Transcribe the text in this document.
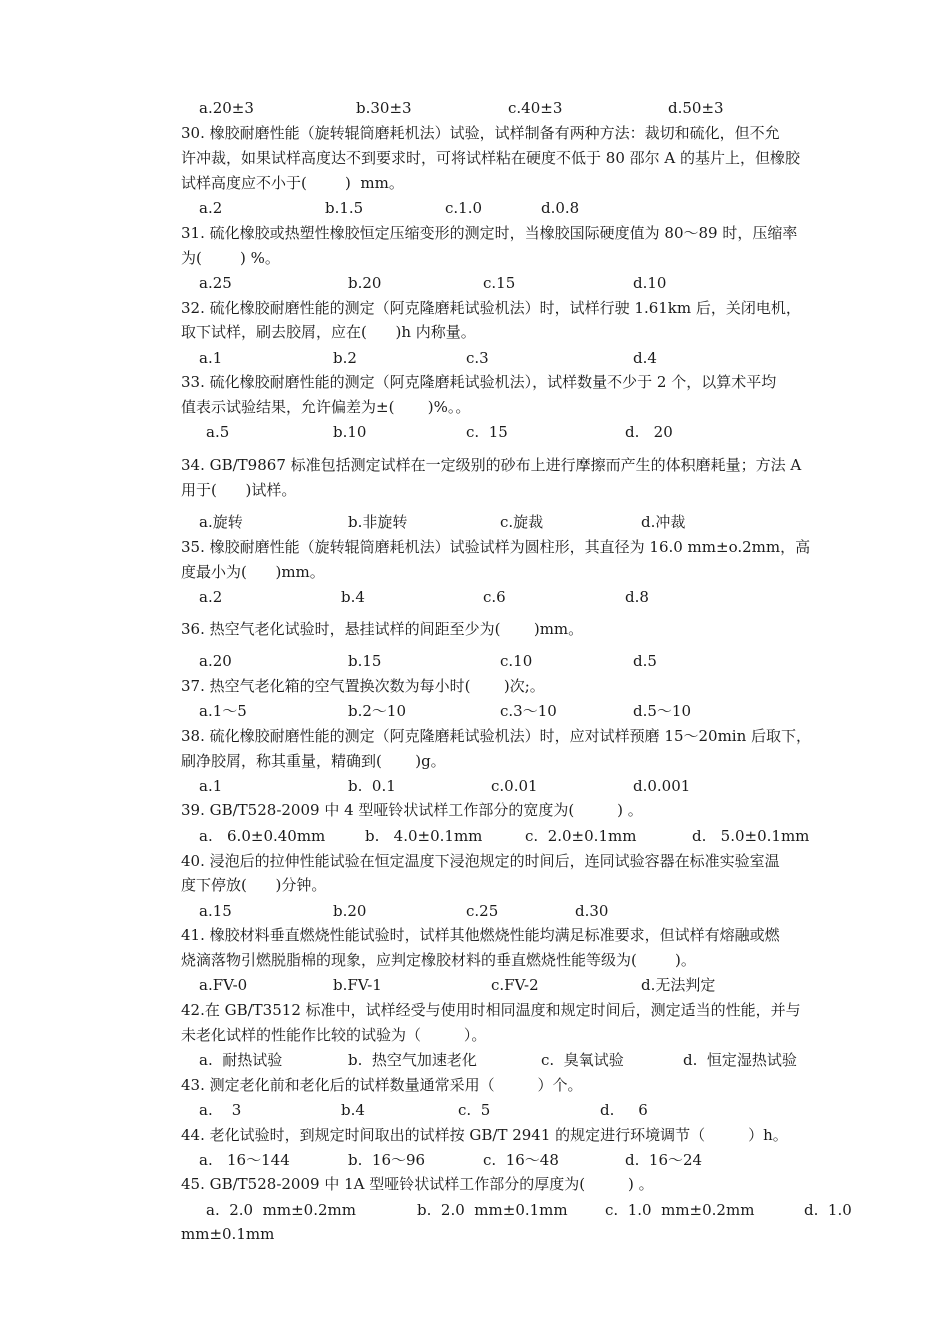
a.20±3	b.30±3	c.40±3	d.50±3
30. 橡胶耐磨性能（旋转辊筒磨耗机法）试验，试样制备有两种方法：裁切和硫化，但不允
许冲裁，如果试样高度达不到要求时，可将试样粘在硬度不低于 80 邵尔 A 的基片上，但橡胶
试样高度应不小于(        )  mm。
a.2	b.1.5	c.1.0	d.0.8
31. 硫化橡胶或热塑性橡胶恒定压缩变形的测定时，当橡胶国际硬度值为 80～89 时，压缩率
为(        ) %。
a.25	b.20	c.15	d.10
32. 硫化橡胶耐磨性能的测定（阿克隆磨耗试验机法）时，试样行驶 1.61km 后，关闭电机，
取下试样，刷去胶屑，应在(      )h 内称量。
a.1	b.2	c.3	d.4
33. 硫化橡胶耐磨性能的测定（阿克隆磨耗试验机法），试样数量不少于 2 个，以算术平均
值表示试验结果，允许偏差为±(       )%。。
a.5	b.10	c.  15	d.   20
34. GB/T9867 标准包括测定试样在一定级别的砂布上进行摩擦而产生的体积磨耗量；方法 A
用于(      )试样。
a.旋转	b.非旋转	c.旋裁	d.冲裁
35. 橡胶耐磨性能（旋转辊筒磨耗机法）试验试样为圆柱形，其直径为 16.0 mm±o.2mm，高
度最小为(      )mm。
a.2	b.4	c.6	d.8
36. 热空气老化试验时，悬挂试样的间距至少为(       )mm。
a.20	b.15	c.10	d.5
37. 热空气老化箱的空气置换次数为每小时(       )次;。
a.1～5	b.2～10	c.3～10	d.5～10
38. 硫化橡胶耐磨性能的测定（阿克隆磨耗试验机法）时，应对试样预磨 15～20min 后取下，
刷净胶屑，称其重量，精确到(       )g。
a.1	b.  0.1	c.0.01	d.0.001
39. GB/T528-2009 中 4 型哑铃状试样工作部分的宽度为(         ) 。
a.   6.0±0.40mm	b.   4.0±0.1mm	c.  2.0±0.1mm	d.   5.0±0.1mm
40. 浸泡后的拉伸性能试验在恒定温度下浸泡规定的时间后，连同试验容器在标准实验室温
度下停放(      )分钟。
a.15	b.20	c.25	d.30
41. 橡胶材料垂直燃烧性能试验时，试样其他燃烧性能均满足标准要求，但试样有熔融或燃
烧滴落物引燃脱脂棉的现象，应判定橡胶材料的垂直燃烧性能等级为(        )。
a.FV-0	b.FV-1	c.FV-2	d.无法判定
42.在 GB/T3512 标准中，试样经受与使用时相同温度和规定时间后，测定适当的性能，并与
未老化试样的性能作比较的试验为（         ）。
a.  耐热试验	b.  热空气加速老化	c.  臭氧试验	d.  恒定湿热试验
43. 测定老化前和老化后的试样数量通常采用（         ）个。
a.    3	b.4	c.  5	d.     6
44. 老化试验时，到规定时间取出的试样按 GB/T 2941 的规定进行环境调节（         ）h。
a.   16～144	b.  16～96	c.  16～48	d.  16～24
45. GB/T528-2009 中 1A 型哑铃状试样工作部分的厚度为(         ) 。
a.  2.0  mm±0.2mm	b.  2.0  mm±0.1mm c.  1.0  mm±0.2mm	d.  1.0
mm±0.1mm
